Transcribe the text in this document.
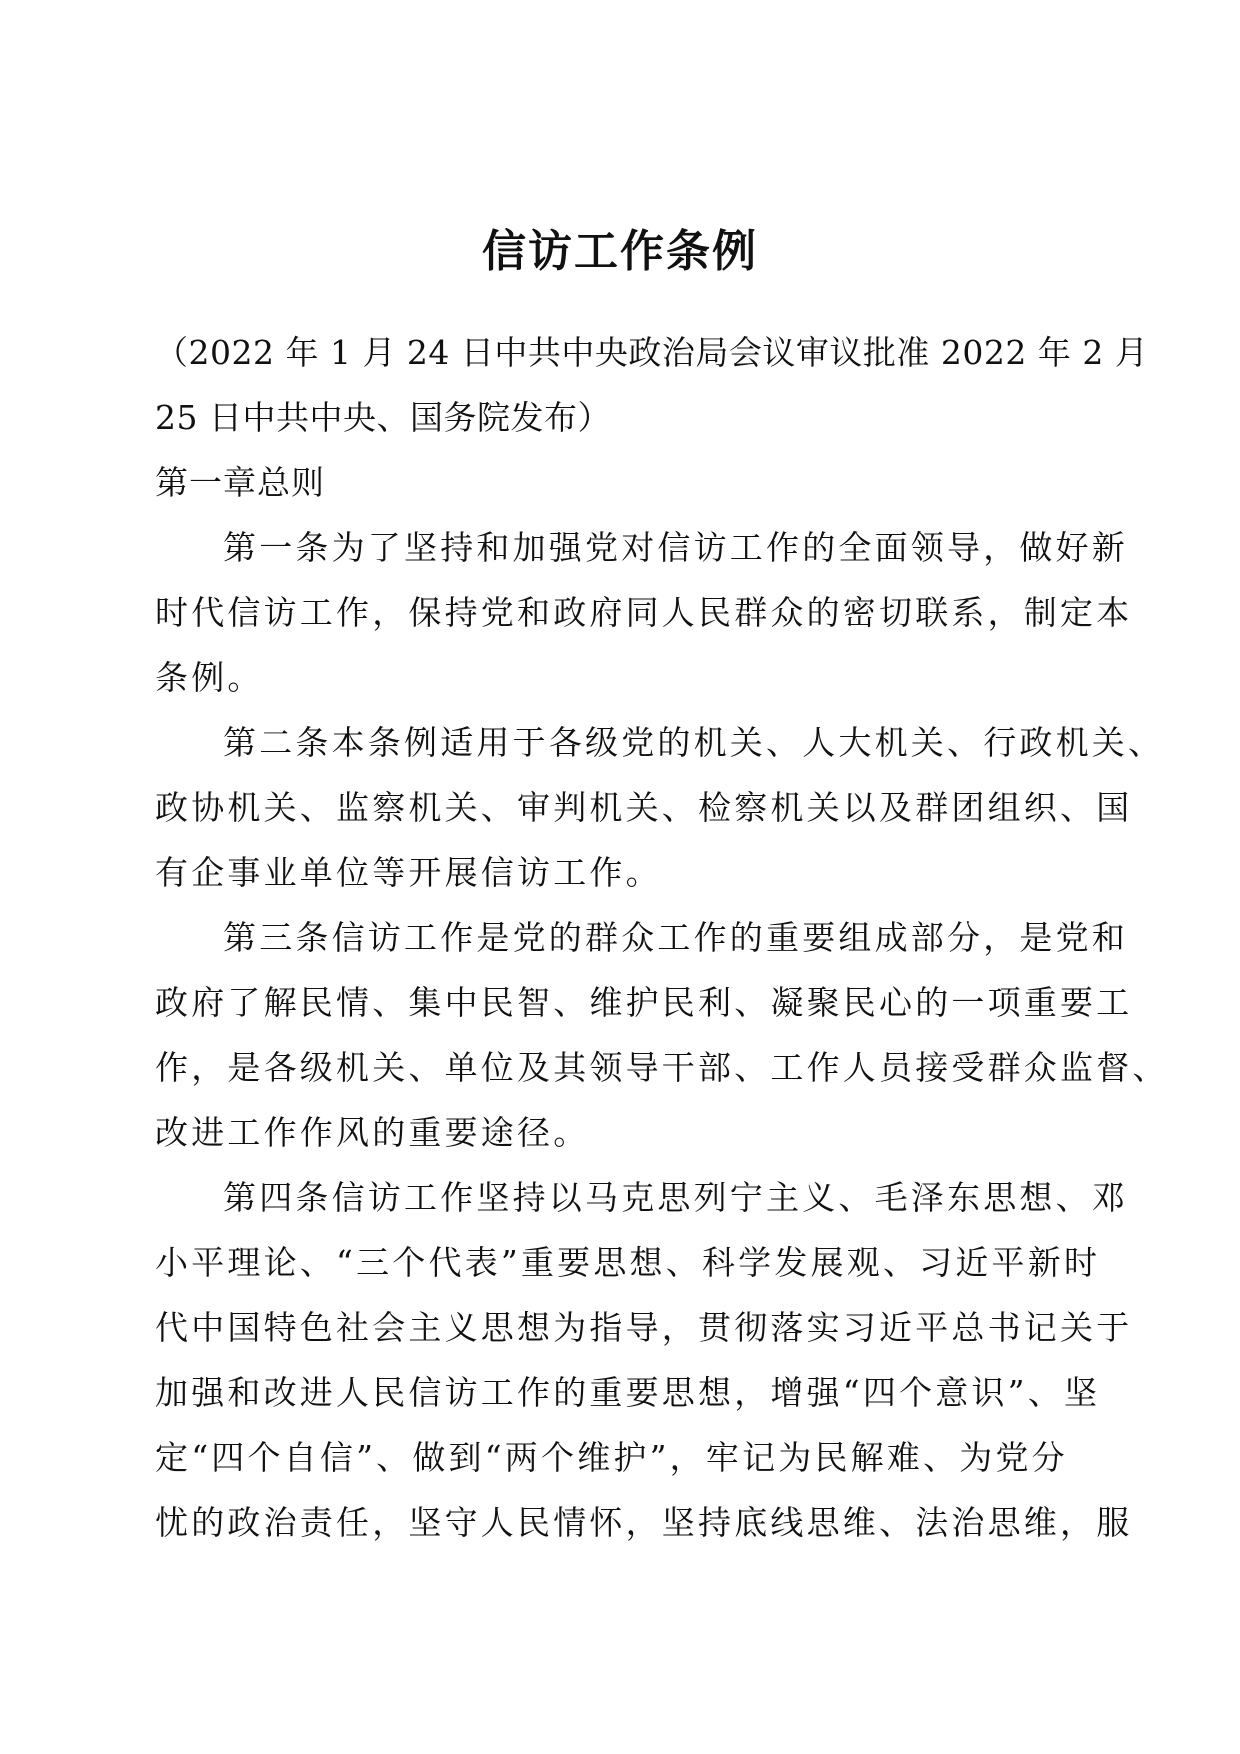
信访工作条例
（2022 年 1 月 24 日中共中央政治局会议审议批准 2022 年 2 月
25 日中共中央、国务院发布）
第一章总则
第一条为了坚持和加强党对信访工作的全面领导，做好新
时代信访工作，保持党和政府同人民群众的密切联系，制定本
条例。
第二条本条例适用于各级党的机关、人大机关、行政机关、
政协机关、监察机关、审判机关、检察机关以及群团组织、国
有企事业单位等开展信访工作。
第三条信访工作是党的群众工作的重要组成部分，是党和
政府了解民情、集中民智、维护民利、凝聚民心的一项重要工
作，是各级机关、单位及其领导干部、工作人员接受群众监督、
改进工作作风的重要途径。
第四条信访工作坚持以马克思列宁主义、毛泽东思想、邓
小平理论、“三个代表”重要思想、科学发展观、习近平新时
代中国特色社会主义思想为指导，贯彻落实习近平总书记关于
加强和改进人民信访工作的重要思想，增强“四个意识”、坚
定“四个自信”、做到“两个维护”，牢记为民解难、为党分
忧的政治责任，坚守人民情怀，坚持底线思维、法治思维，服
